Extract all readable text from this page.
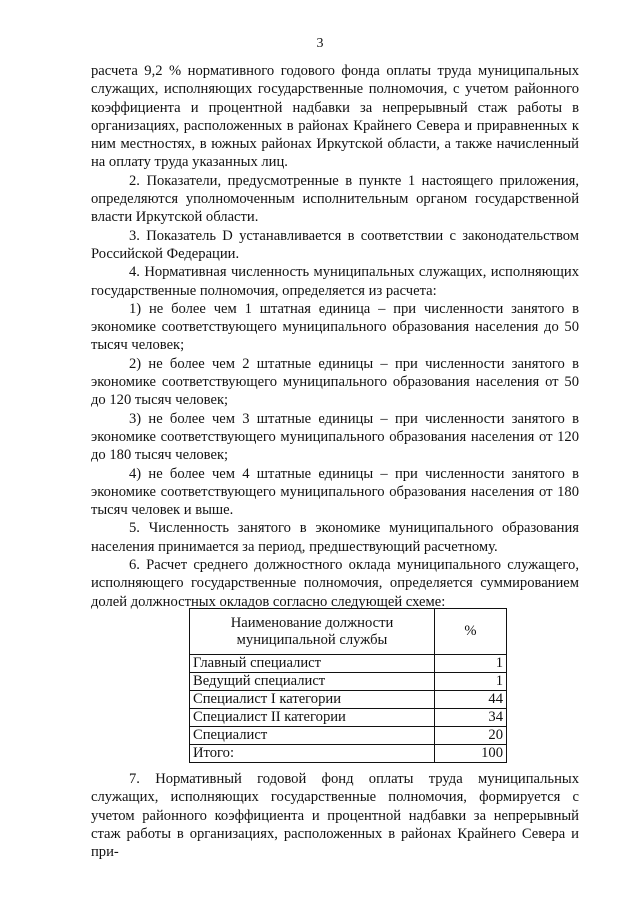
3

расчета 9,2 % нормативного годового фонда оплаты труда муниципальных служащих, исполняющих государственные полномочия, с учетом районного коэффициента и процентной надбавки за непрерывный стаж работы в организациях, расположенных в районах Крайнего Севера и приравненных к ним местностях, в южных районах Иркутской области, а также начисленный на оплату труда указанных лиц.

2. Показатели, предусмотренные в пункте 1 настоящего приложения, определяются уполномоченным исполнительным органом государственной власти Иркутской области.

3. Показатель D устанавливается в соответствии с законодательством Российской Федерации.

4. Нормативная численность муниципальных служащих, исполняющих государственные полномочия, определяется из расчета:

1) не более чем 1 штатная единица – при численности занятого в экономике соответствующего муниципального образования населения до 50 тысяч человек;

2) не более чем 2 штатные единицы – при численности занятого в экономике соответствующего муниципального образования населения от 50 до 120 тысяч человек;

3) не более чем 3 штатные единицы – при численности занятого в экономике соответствующего муниципального образования населения от 120 до 180 тысяч человек;

4) не более чем 4 штатные единицы – при численности занятого в экономике соответствующего муниципального образования населения от 180 тысяч человек и выше.

5. Численность занятого в экономике муниципального образования населения принимается за период, предшествующий расчетному.

6. Расчет среднего должностного оклада муниципального служащего, исполняющего государственные полномочия, определяется суммированием долей должностных окладов согласно следующей схеме:

Наименование должности муниципальной службы	%
Главный специалист	1
Ведущий специалист	1
Специалист I категории	44
Специалист II категории	34
Специалист	20
Итого:	100

7. Нормативный годовой фонд оплаты труда муниципальных служащих, исполняющих государственные полномочия, формируется с учетом районного коэффициента и процентной надбавки за непрерывный стаж работы в организациях, расположенных в районах Крайнего Севера и при-
